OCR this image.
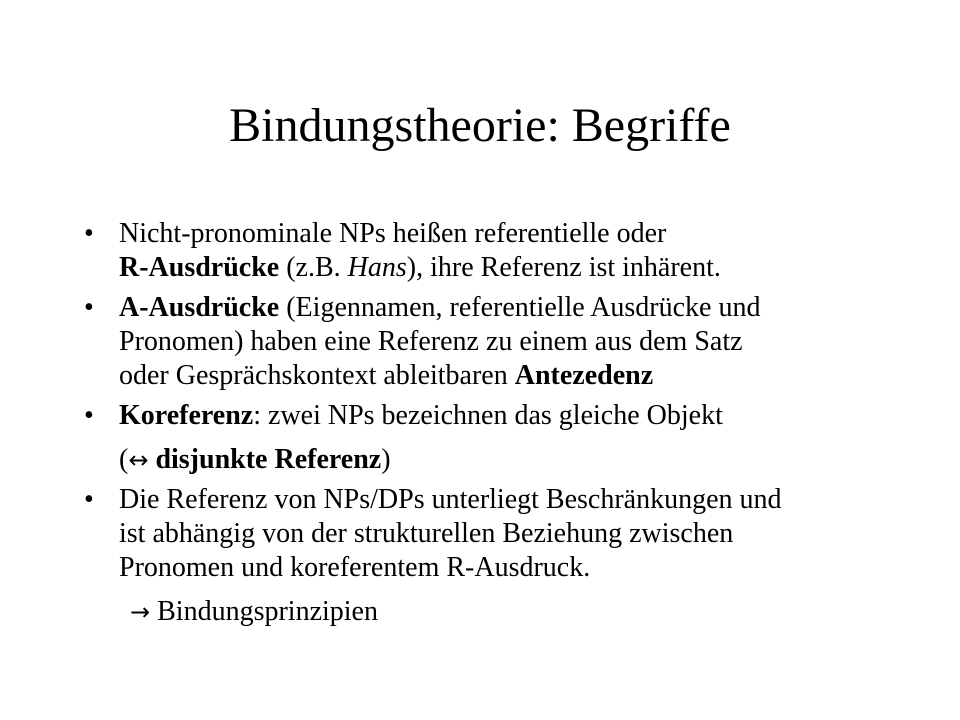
Bindungstheorie: Begriffe
• Nicht-pronominale NPs heißen referentielle oder
R-Ausdrücke (z.B. Hans), ihre Referenz ist inhärent.
• A-Ausdrücke (Eigennamen, referentielle Ausdrücke und
Pronomen) haben eine Referenz zu einem aus dem Satz
oder Gesprächskontext ableitbaren Antezedenz
• Koreferenz: zwei NPs bezeichnen das gleiche Objekt
(↔ disjunkte Referenz)
• Die Referenz von NPs/DPs unterliegt Beschränkungen und
ist abhängig von der strukturellen Beziehung zwischen
Pronomen und koreferentem R-Ausdruck.
→ Bindungsprinzipien
